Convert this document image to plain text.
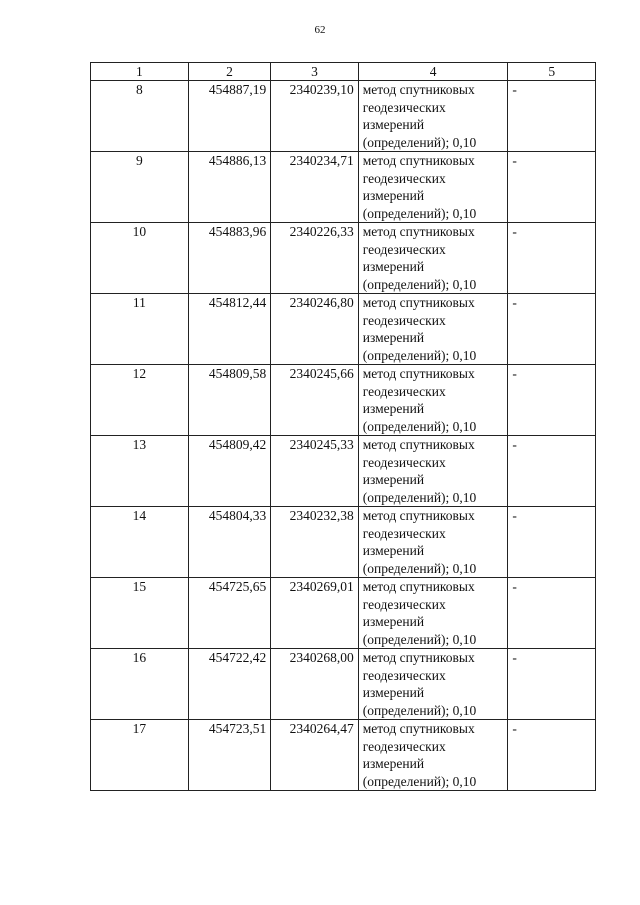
62
1	2	3	4	5
8	454887,19	2340239,10	метод спутниковых
геодезических
измерений
(определений); 0,10	-
9	454886,13	2340234,71	метод спутниковых
геодезических
измерений
(определений); 0,10	-
10	454883,96	2340226,33	метод спутниковых
геодезических
измерений
(определений); 0,10	-
11	454812,44	2340246,80	метод спутниковых
геодезических
измерений
(определений); 0,10	-
12	454809,58	2340245,66	метод спутниковых
геодезических
измерений
(определений); 0,10	-
13	454809,42	2340245,33	метод спутниковых
геодезических
измерений
(определений); 0,10	-
14	454804,33	2340232,38	метод спутниковых
геодезических
измерений
(определений); 0,10	-
15	454725,65	2340269,01	метод спутниковых
геодезических
измерений
(определений); 0,10	-
16	454722,42	2340268,00	метод спутниковых
геодезических
измерений
(определений); 0,10	-
17	454723,51	2340264,47	метод спутниковых
геодезических
измерений
(определений); 0,10	-
